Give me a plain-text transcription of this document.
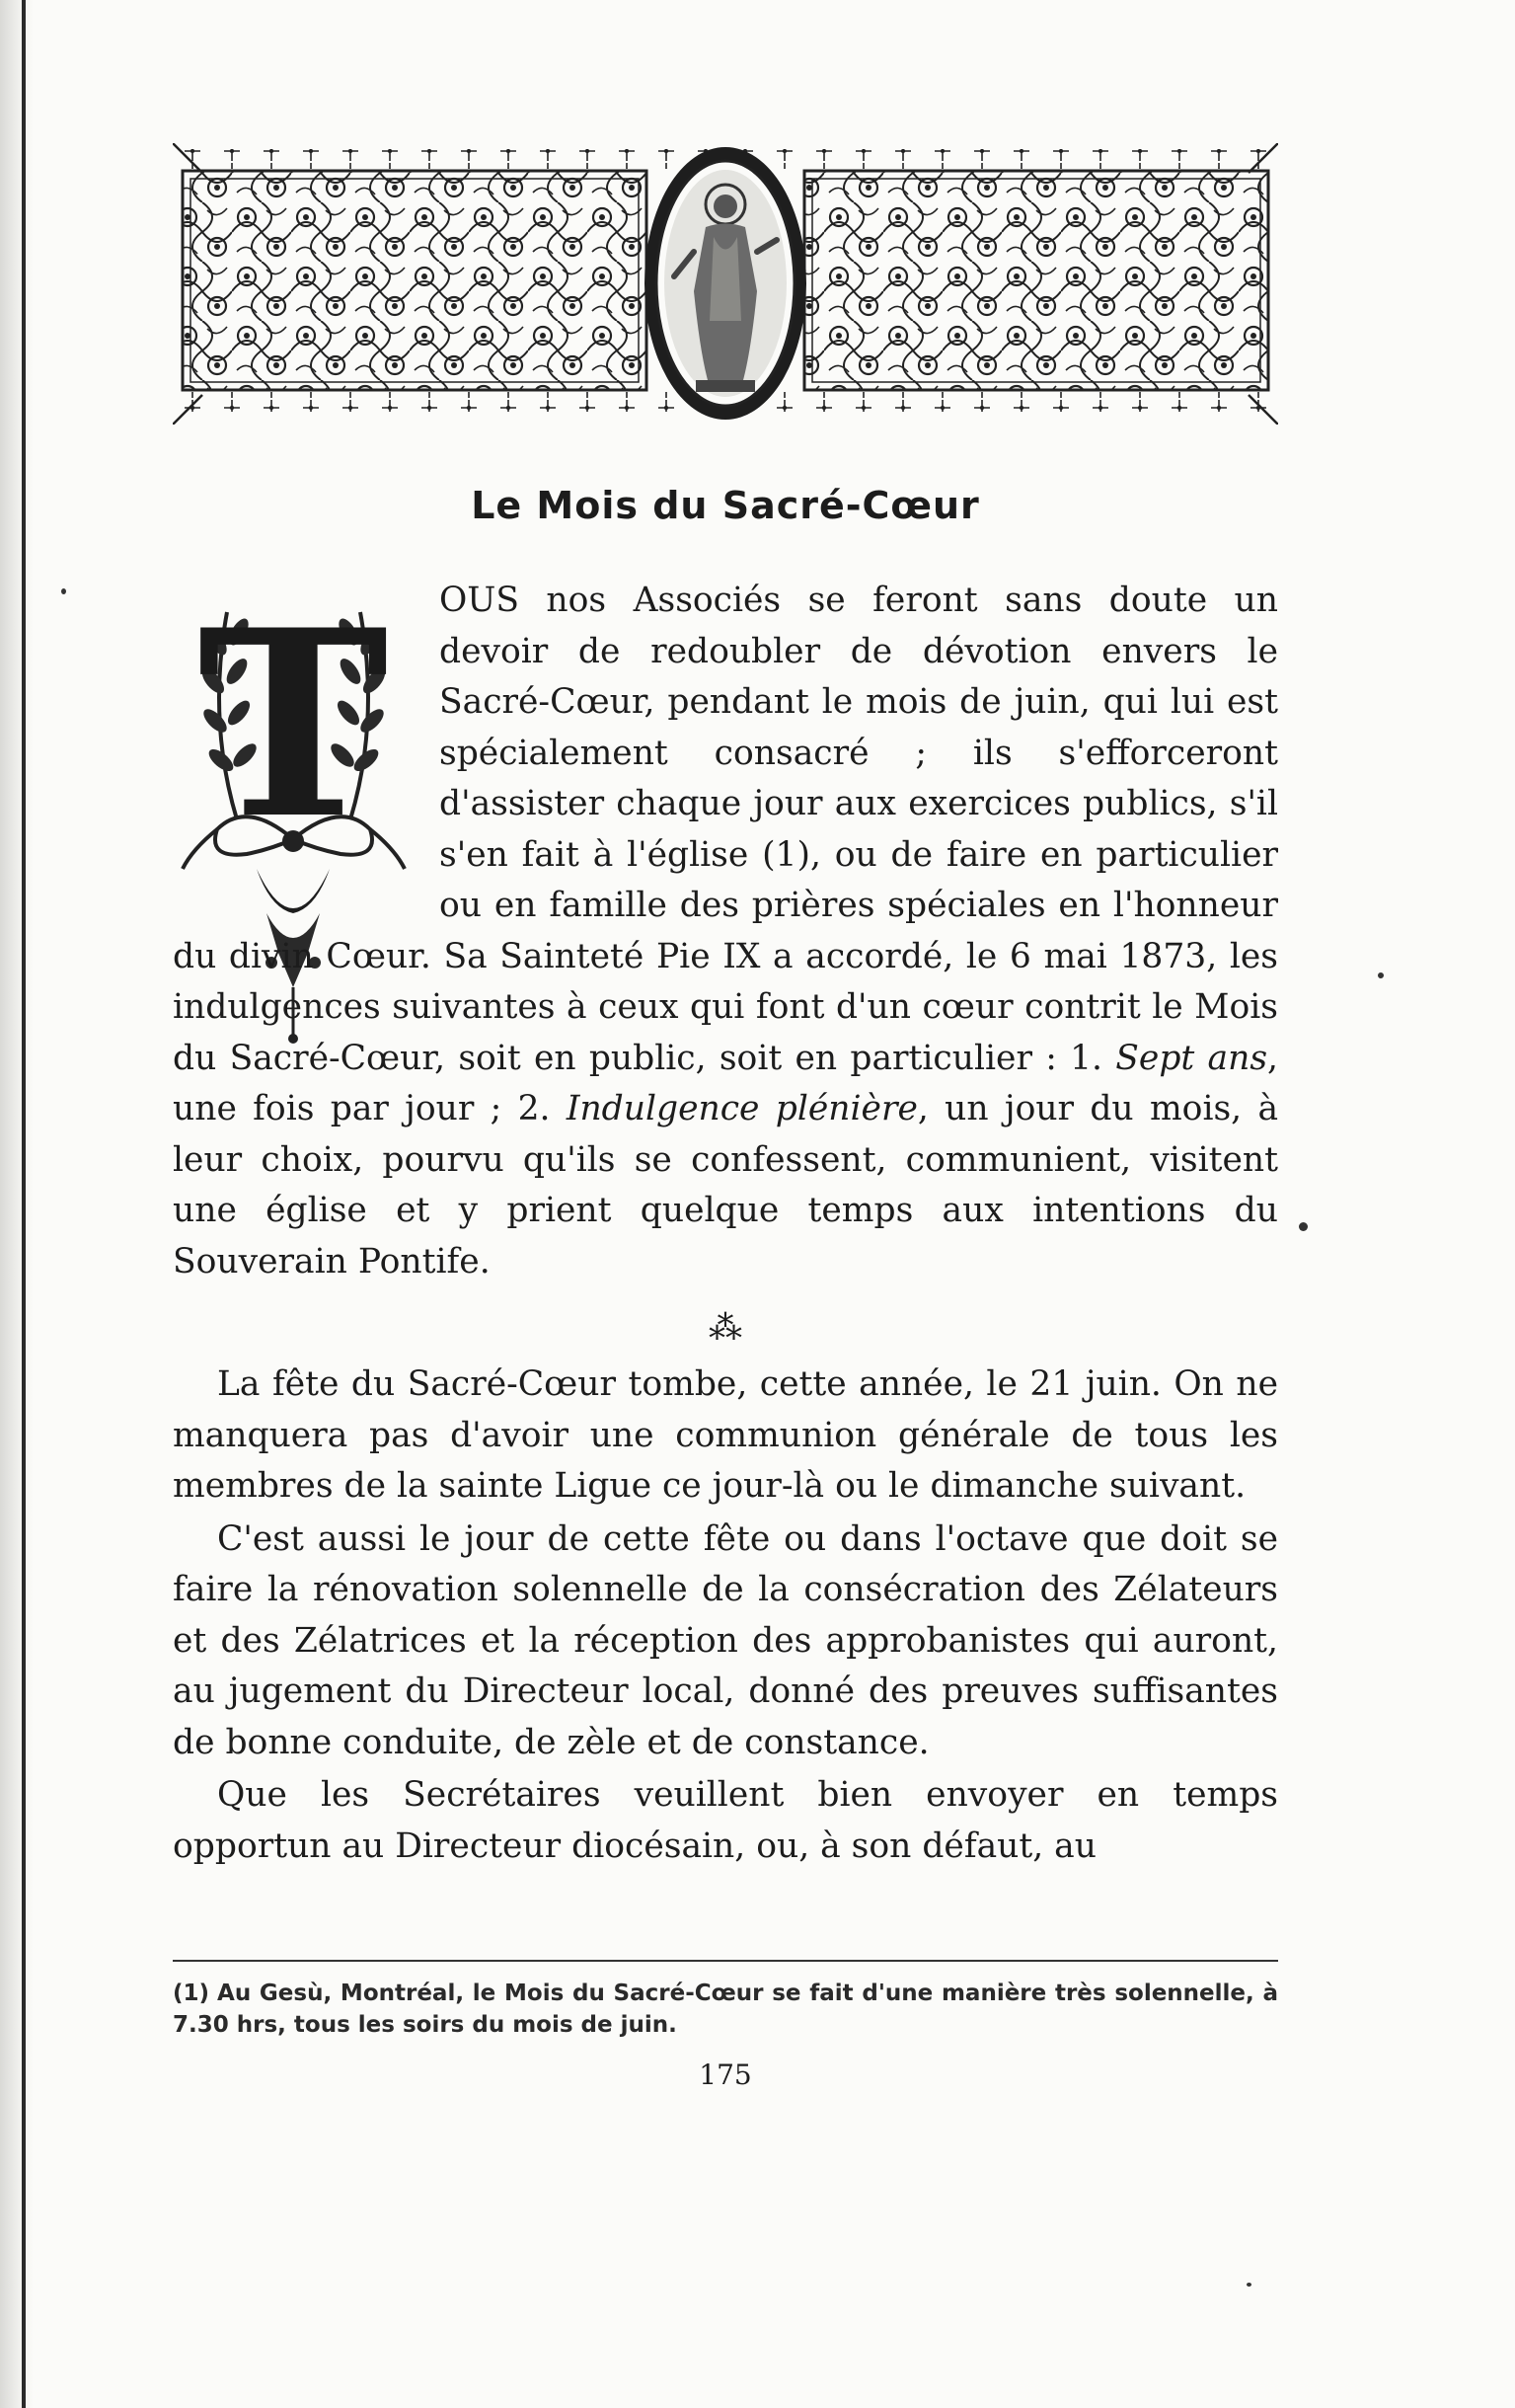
Le Mois du Sacré-Cœur
T	OUS nos Associés se feront sans doute un devoir de redoubler de dévotion envers le Sacré-Cœur, pendant le mois de juin, qui lui est spécialement consacré ; ils s'efforceront d'assister chaque jour aux exercices publics, s'il s'en fait à l'église (1), ou de faire en particulier ou en famille des prières spéciales en l'honneur du divin Cœur. Sa Sainteté Pie IX a accordé, le 6 mai 1873, les indulgences suivantes à ceux qui font d'un cœur contrit le Mois du Sacré-Cœur, soit en public, soit en particulier : 1. Sept ans, une fois par jour ; 2. Indulgence plénière, un jour du mois, à leur choix, pourvu qu'ils se confessent, communient, visitent une église et y prient quelque temps aux intentions du Souverain Pontife.

⁂

La fête du Sacré-Cœur tombe, cette année, le 21 juin. On ne manquera pas d'avoir une communion générale de tous les membres de la sainte Ligue ce jour-là ou le dimanche suivant.

C'est aussi le jour de cette fête ou dans l'octave que doit se faire la rénovation solennelle de la consécration des Zélateurs et des Zélatrices et la réception des approbanistes qui auront, au jugement du Directeur local, donné des preuves suffisantes de bonne conduite, de zèle et de constance.

Que les Secrétaires veuillent bien envoyer en temps opportun au Directeur diocésain, ou, à son défaut, au

(1) Au Gesù, Montréal, le Mois du Sacré-Cœur se fait d'une manière très solennelle, à 7.30 hrs, tous les soirs du mois de juin.
175
